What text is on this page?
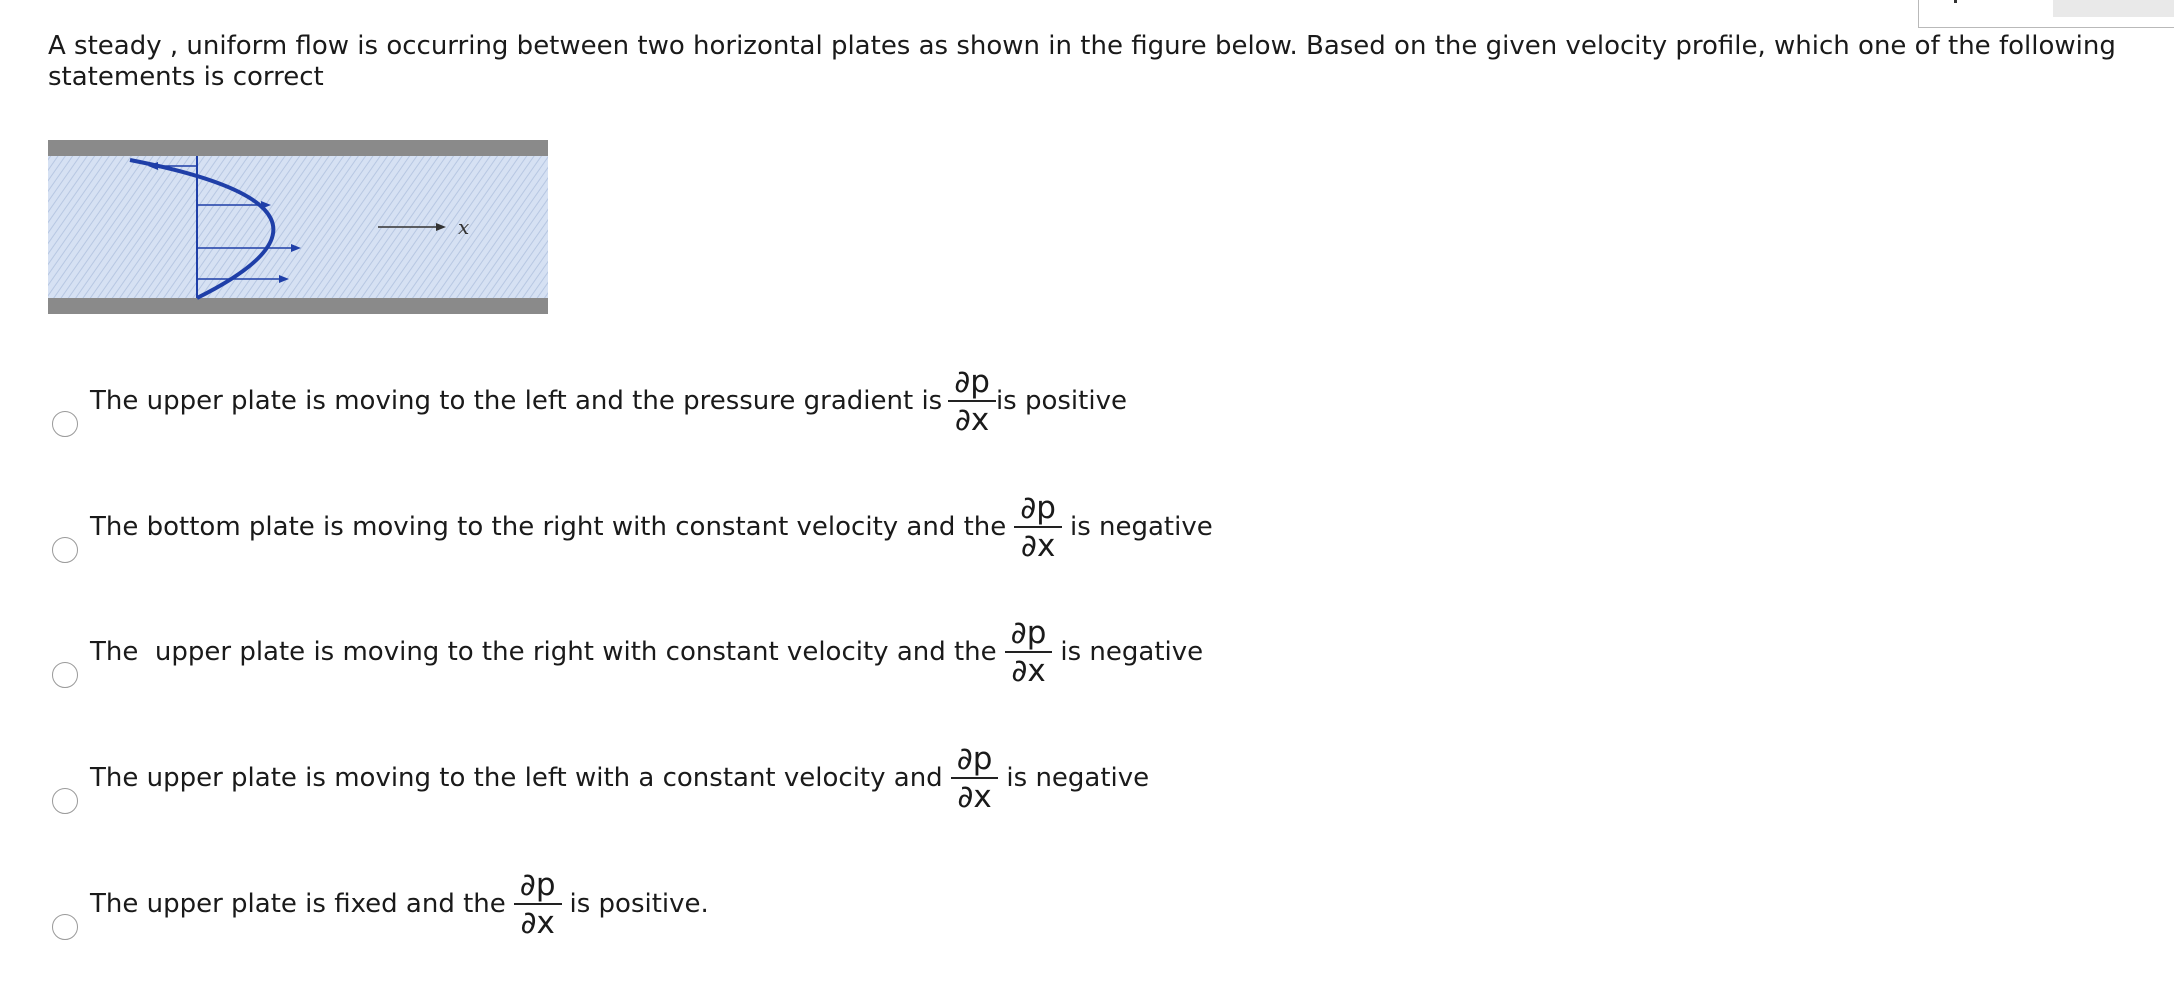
A steady , uniform flow is occurring between two horizontal plates as shown in the figure below. Based on the given velocity profile, which one of the following statements is correct
x
The upper plate is moving to the left and the pressure gradient is $\frac{\partial p}{\partial x}$ is positive
The bottom plate is moving to the right with constant velocity and the $\frac{\partial p}{\partial x}$ is negative
The  upper plate is moving to the right with constant velocity and the $\frac{\partial p}{\partial x}$ is negative
The upper plate is moving to the left with a constant velocity and $\frac{\partial p}{\partial x}$ is negative
The upper plate is fixed and the $\frac{\partial p}{\partial x}$ is positive.
